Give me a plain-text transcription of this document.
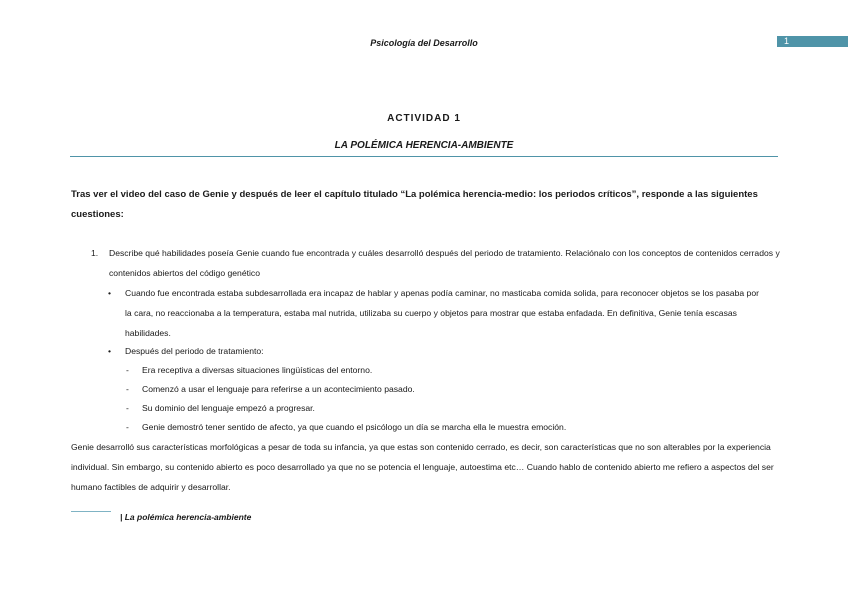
Psicología del Desarrollo	1
ACTIVIDAD 1
LA POLÉMICA HERENCIA-AMBIENTE
Tras ver el video del caso de Genie y después de leer el capítulo titulado “La polémica herencia-medio: los periodos críticos”, responde a las siguientes cuestiones:
1. Describe qué habilidades poseía Genie cuando fue encontrada y cuáles desarrolló después del periodo de tratamiento. Relaciónalo con los conceptos de contenidos cerrados y contenidos abiertos del código genético
• Cuando fue encontrada estaba subdesarrollada era incapaz de hablar y apenas podía caminar, no masticaba comida solida, para reconocer objetos se los pasaba por la cara, no reaccionaba a la temperatura, estaba mal nutrida, utilizaba su cuerpo y objetos para mostrar que estaba enfadada. En definitiva, Genie tenía escasas habilidades.
• Después del periodo de tratamiento:
- Era receptiva a diversas situaciones lingüísticas del entorno.
- Comenzó a usar el lenguaje para referirse a un acontecimiento pasado.
- Su dominio del lenguaje empezó a progresar.
- Genie demostró tener sentido de afecto, ya que cuando el psicólogo un día se marcha ella le muestra emoción.
Genie desarrolló sus características morfológicas a pesar de toda su infancia, ya que estas son contenido cerrado, es decir, son características que no son alterables por la experiencia individual. Sin embargo, su contenido abierto es poco desarrollado ya que no se potencia el lenguaje, autoestima etc… Cuando hablo de contenido abierto me refiero a aspectos del ser humano factibles de adquirir y desarrollar.
| La polémica herencia-ambiente
